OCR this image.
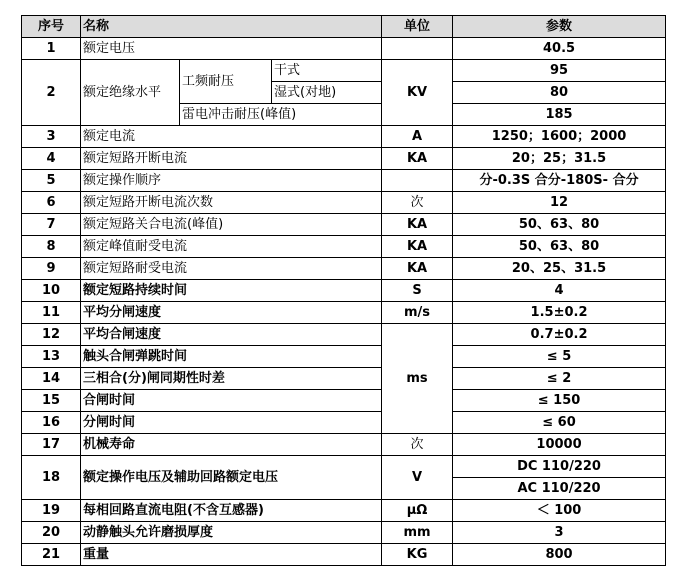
序号	名称			单位	参数
1	额定电压				40.5
2	额定绝缘水平	工频耐压	干式	KV	95
			湿式(对地)		80
		雷电冲击耐压(峰值)			185
3	额定电流			A	1250；1600；2000
4	额定短路开断电流			KA	20；25；31.5
5	额定操作顺序				分-0.3S 合分-180S- 合分
6	额定短路开断电流次数			次	12
7	额定短路关合电流(峰值)			KA	50、63、80
8	额定峰值耐受电流			KA	50、63、80
9	额定短路耐受电流			KA	20、25、31.5
10	额定短路持续时间			S	4
11	平均分闸速度			m/s	1.5±0.2
12	平均合闸速度			ms	0.7±0.2
13	触头合闸弹跳时间				≤ 5
14	三相合(分)闸同期性时差				≤ 2
15	合闸时间				≤ 150
16	分闸时间				≤ 60
17	机械寿命			次	10000
18	额定操作电压及辅助回路额定电压			V	DC 110/220
					AC 110/220
19	每相回路直流电阻(不含互感器)			μΩ	＜ 100
20	动静触头允许磨损厚度			mm	3
21	重量			KG	800
